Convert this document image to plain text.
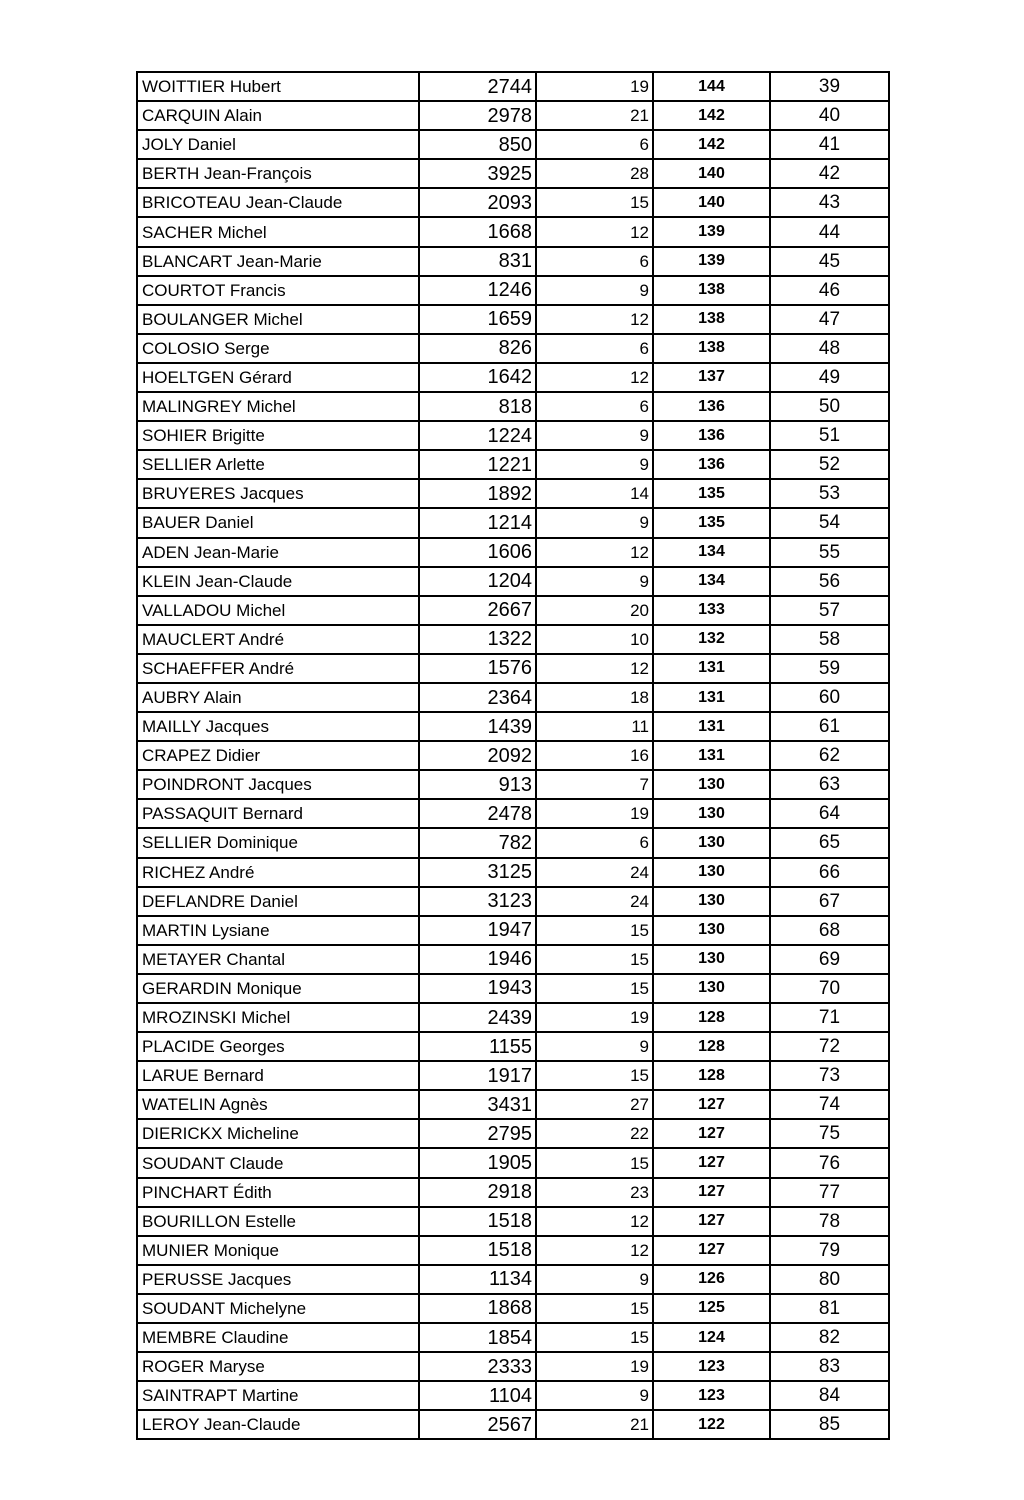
WOITTIER Hubert	2744	19	144	39
CARQUIN Alain	2978	21	142	40
JOLY Daniel	850	6	142	41
BERTH Jean-François	3925	28	140	42
BRICOTEAU Jean-Claude	2093	15	140	43
SACHER Michel	1668	12	139	44
BLANCART Jean-Marie	831	6	139	45
COURTOT Francis	1246	9	138	46
BOULANGER Michel	1659	12	138	47
COLOSIO Serge	826	6	138	48
HOELTGEN Gérard	1642	12	137	49
MALINGREY Michel	818	6	136	50
SOHIER Brigitte	1224	9	136	51
SELLIER Arlette	1221	9	136	52
BRUYERES Jacques	1892	14	135	53
BAUER Daniel	1214	9	135	54
ADEN Jean-Marie	1606	12	134	55
KLEIN Jean-Claude	1204	9	134	56
VALLADOU Michel	2667	20	133	57
MAUCLERT André	1322	10	132	58
SCHAEFFER André	1576	12	131	59
AUBRY Alain	2364	18	131	60
MAILLY Jacques	1439	11	131	61
CRAPEZ Didier	2092	16	131	62
POINDRONT Jacques	913	7	130	63
PASSAQUIT Bernard	2478	19	130	64
SELLIER Dominique	782	6	130	65
RICHEZ André	3125	24	130	66
DEFLANDRE Daniel	3123	24	130	67
MARTIN Lysiane	1947	15	130	68
METAYER Chantal	1946	15	130	69
GERARDIN Monique	1943	15	130	70
MROZINSKI Michel	2439	19	128	71
PLACIDE Georges	1155	9	128	72
LARUE Bernard	1917	15	128	73
WATELIN Agnès	3431	27	127	74
DIERICKX Micheline	2795	22	127	75
SOUDANT Claude	1905	15	127	76
PINCHART Édith	2918	23	127	77
BOURILLON Estelle	1518	12	127	78
MUNIER Monique	1518	12	127	79
PERUSSE Jacques	1134	9	126	80
SOUDANT Michelyne	1868	15	125	81
MEMBRE Claudine	1854	15	124	82
ROGER Maryse	2333	19	123	83
SAINTRAPT Martine	1104	9	123	84
LEROY Jean-Claude	2567	21	122	85
